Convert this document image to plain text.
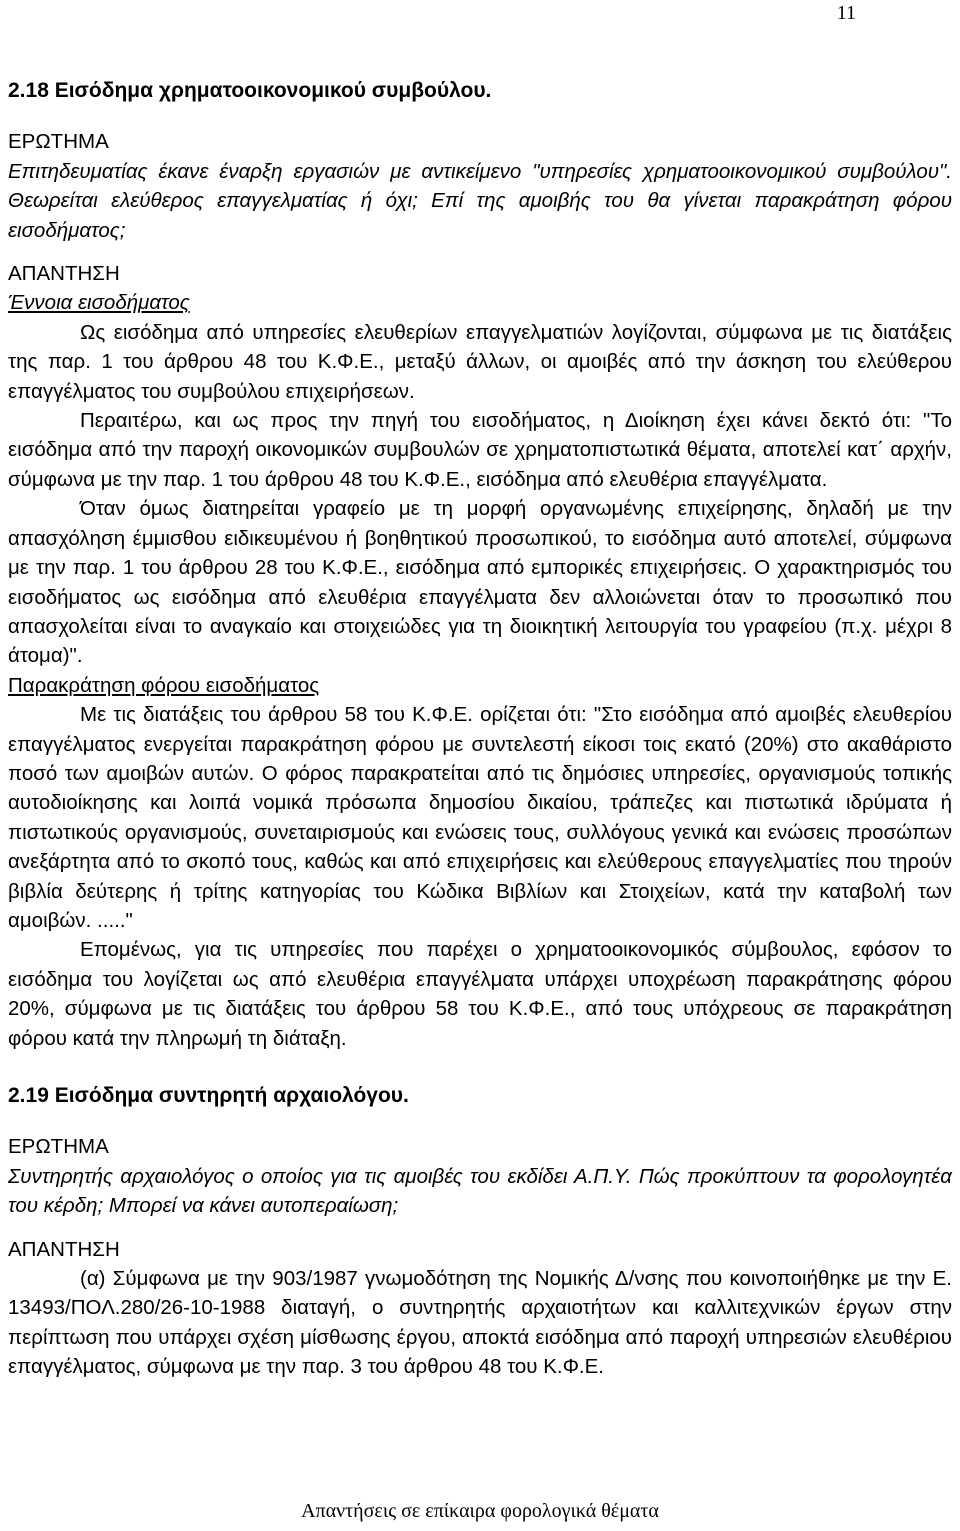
11
2.18 Εισόδημα χρηματοοικονομικού συμβούλου.
ΕΡΩΤΗΜΑ
Επιτηδευματίας έκανε έναρξη εργασιών με αντικείμενο "υπηρεσίες χρηματοοικονομικού συμβούλου". Θεωρείται ελεύθερος επαγγελματίας ή όχι; Επί της αμοιβής του θα γίνεται παρακράτηση φόρου εισοδήματος;
ΑΠΑΝΤΗΣΗ
Έννοια εισοδήματος
Ως εισόδημα από υπηρεσίες ελευθερίων επαγγελματιών λογίζονται, σύμφωνα με τις διατάξεις της παρ. 1 του άρθρου 48 του Κ.Φ.Ε., μεταξύ άλλων, οι αμοιβές από την άσκηση του ελεύθερου επαγγέλματος του συμβούλου επιχειρήσεων.
Περαιτέρω, και ως προς την πηγή του εισοδήματος, η Διοίκηση έχει κάνει δεκτό ότι: "Το εισόδημα από την παροχή οικονομικών συμβουλών σε χρηματοπιστωτικά θέματα, αποτελεί κατ΄ αρχήν, σύμφωνα με την παρ. 1 του άρθρου 48 του Κ.Φ.Ε., εισόδημα από ελευθέρια επαγγέλματα.
Όταν όμως διατηρείται γραφείο με τη μορφή οργανωμένης επιχείρησης, δηλαδή με την απασχόληση έμμισθου ειδικευμένου ή βοηθητικού προσωπικού, το εισόδημα αυτό αποτελεί, σύμφωνα με την παρ. 1 του άρθρου 28 του Κ.Φ.Ε., εισόδημα από εμπορικές επιχειρήσεις. Ο χαρακτηρισμός του εισοδήματος ως εισόδημα από ελευθέρια επαγγέλματα δεν αλλοιώνεται όταν το προσωπικό που απασχολείται είναι το αναγκαίο και στοιχειώδες για τη διοικητική λειτουργία του γραφείου (π.χ. μέχρι 8 άτομα)".
Παρακράτηση φόρου εισοδήματος
Με τις διατάξεις του άρθρου 58 του Κ.Φ.Ε. ορίζεται ότι: "Στο εισόδημα από αμοιβές ελευθερίου επαγγέλματος ενεργείται παρακράτηση φόρου με συντελεστή είκοσι τοις εκατό (20%) στο ακαθάριστο ποσό των αμοιβών αυτών. Ο φόρος παρακρατείται από τις δημόσιες υπηρεσίες, οργανισμούς τοπικής αυτοδιοίκησης και λοιπά νομικά πρόσωπα δημοσίου δικαίου, τράπεζες και πιστωτικά ιδρύματα ή πιστωτικούς οργανισμούς, συνεταιρισμούς και ενώσεις τους, συλλόγους γενικά και ενώσεις προσώπων ανεξάρτητα από το σκοπό τους, καθώς και από επιχειρήσεις και ελεύθερους επαγγελματίες που τηρούν βιβλία δεύτερης ή τρίτης κατηγορίας του Κώδικα Βιβλίων και Στοιχείων, κατά την καταβολή των αμοιβών. ....."
Επομένως, για τις υπηρεσίες που παρέχει ο χρηματοοικονομικός σύμβουλος, εφόσον το εισόδημα του λογίζεται ως από ελευθέρια επαγγέλματα υπάρχει υποχρέωση παρακράτησης φόρου 20%, σύμφωνα με τις διατάξεις του άρθρου 58 του Κ.Φ.Ε., από τους υπόχρεους σε παρακράτηση φόρου κατά την πληρωμή τη διάταξη.
2.19 Εισόδημα συντηρητή αρχαιολόγου.
ΕΡΩΤΗΜΑ
Συντηρητής αρχαιολόγος ο οποίος για τις αμοιβές του εκδίδει Α.Π.Υ. Πώς προκύπτουν τα φορολογητέα του κέρδη; Μπορεί να κάνει αυτοπεραίωση;
ΑΠΑΝΤΗΣΗ
(α) Σύμφωνα με την 903/1987 γνωμοδότηση της Νομικής Δ/νσης που κοινοποιήθηκε με την Ε. 13493/ΠΟΛ.280/26-10-1988 διαταγή, ο συντηρητής αρχαιοτήτων και καλλιτεχνικών έργων στην περίπτωση που υπάρχει σχέση μίσθωσης έργου, αποκτά εισόδημα από παροχή υπηρεσιών ελευθέριου επαγγέλματος, σύμφωνα με την παρ. 3 του άρθρου 48 του Κ.Φ.Ε.
Απαντήσεις σε επίκαιρα φορολογικά θέματα
